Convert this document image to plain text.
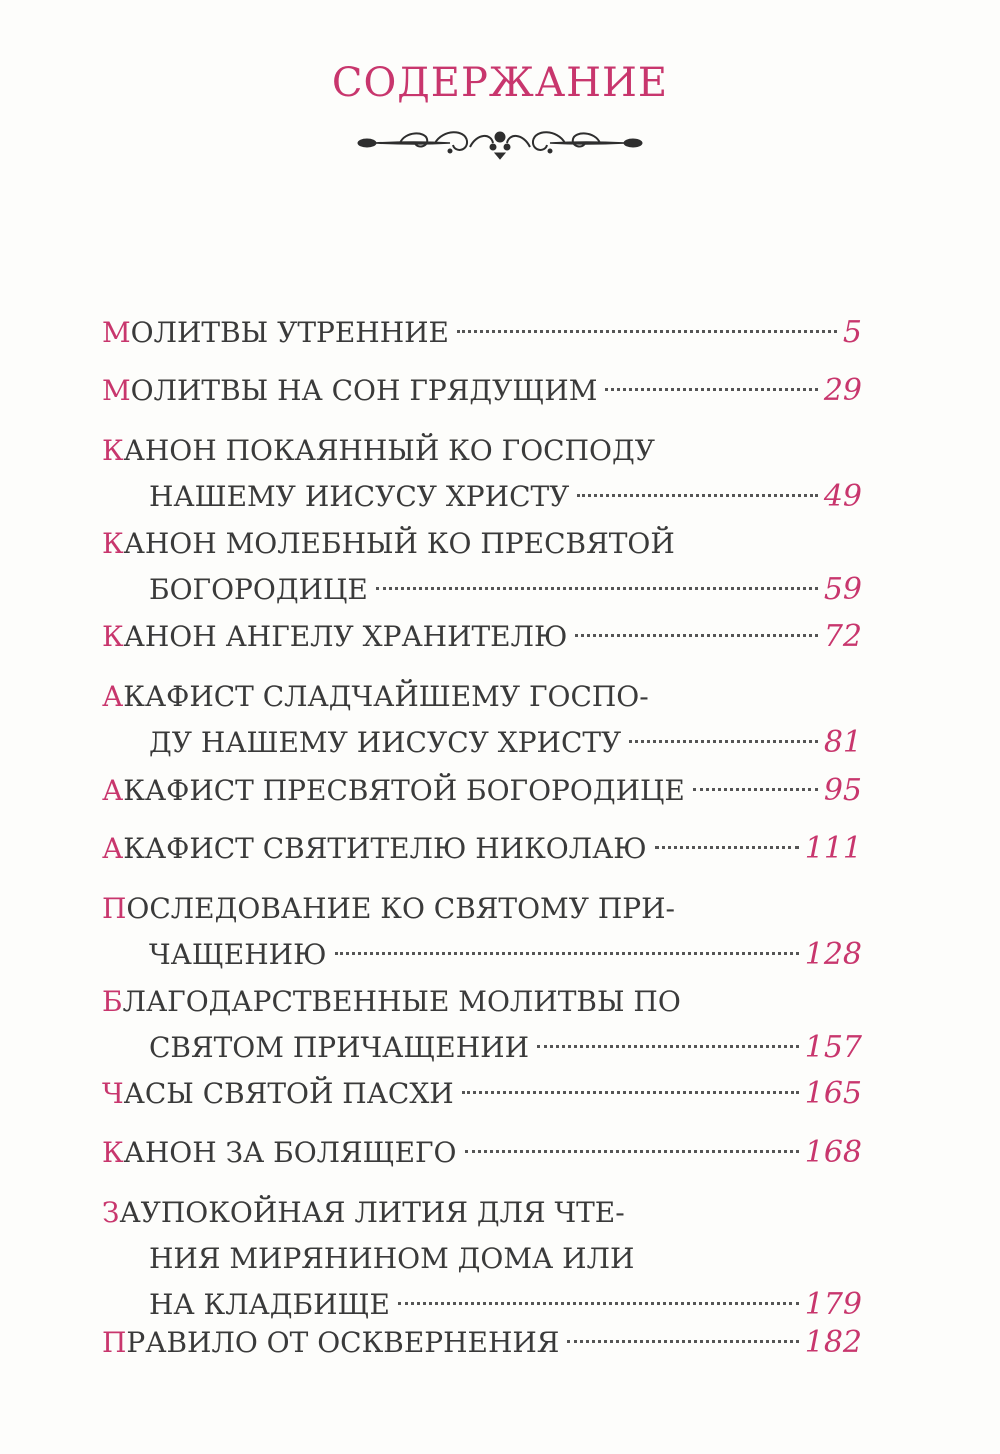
СОДЕРЖАНИЕ
МОЛИТВЫ УТРЕННИЕ	5
МОЛИТВЫ НА СОН ГРЯДУЩИМ	29
КАНОН ПОКАЯННЫЙ КО ГОСПОДУ
НАШЕМУ ИИСУСУ ХРИСТУ	49
КАНОН МОЛЕБНЫЙ КО ПРЕСВЯТОЙ
БОГОРОДИЦЕ	59
КАНОН АНГЕЛУ ХРАНИТЕЛЮ	72
АКАФИСТ СЛАДЧАЙШЕМУ ГОСПО-
ДУ НАШЕМУ ИИСУСУ ХРИСТУ	81
АКАФИСТ ПРЕСВЯТОЙ БОГОРОДИЦЕ	95
АКАФИСТ СВЯТИТЕЛЮ НИКОЛАЮ	111
ПОСЛЕДОВАНИЕ КО СВЯТОМУ ПРИ-
ЧАЩЕНИЮ	128
БЛАГОДАРСТВЕННЫЕ МОЛИТВЫ ПО
СВЯТОМ ПРИЧАЩЕНИИ	157
ЧАСЫ СВЯТОЙ ПАСХИ	165
КАНОН ЗА БОЛЯЩЕГО	168
ЗАУПОКОЙНАЯ ЛИТИЯ ДЛЯ ЧТЕ-
НИЯ МИРЯНИНОМ ДОМА ИЛИ
НА КЛАДБИЩЕ	179
ПРАВИЛО ОТ ОСКВЕРНЕНИЯ	182
